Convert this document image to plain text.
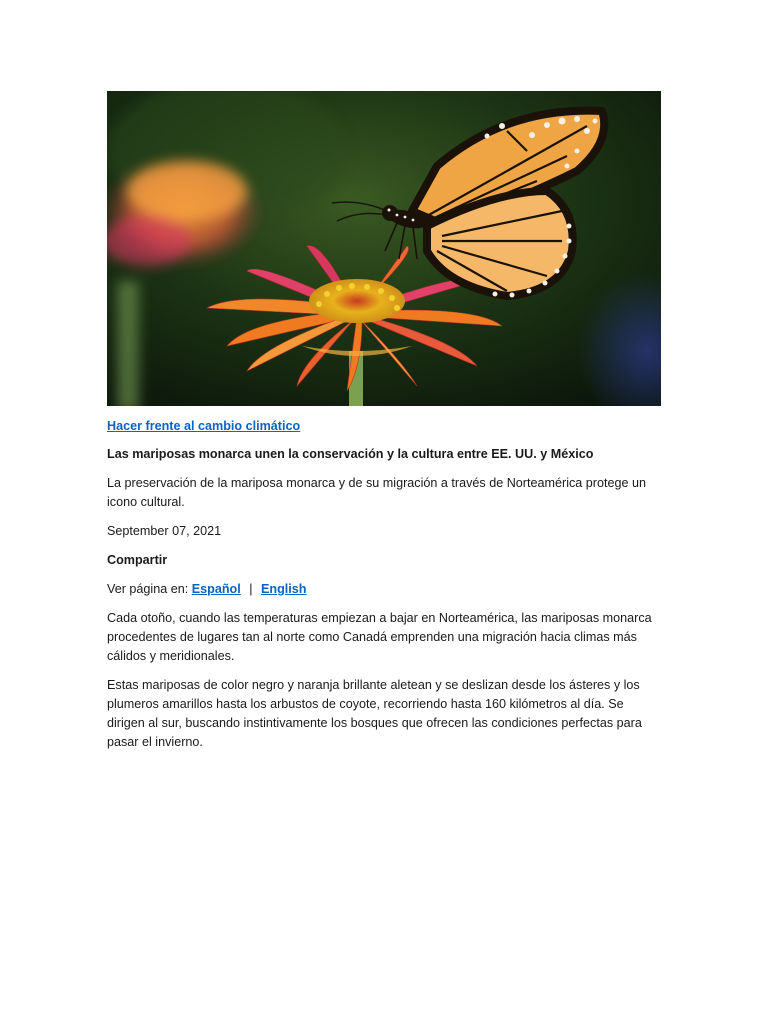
Hacer frente al cambio climático

Las mariposas monarca unen la conservación y la cultura entre EE. UU. y México

La preservación de la mariposa monarca y de su migración a través de Norteamérica protege un icono cultural.

September 07, 2021

Compartir

Ver página en: Español | English

Cada otoño, cuando las temperaturas empiezan a bajar en Norteamérica, las mariposas monarca procedentes de lugares tan al norte como Canadá emprenden una migración hacia climas más cálidos y meridionales.

Estas mariposas de color negro y naranja brillante aletean y se deslizan desde los ásteres y los plumeros amarillos hasta los arbustos de coyote, recorriendo hasta 160 kilómetros al día. Se dirigen al sur, buscando instintivamente los bosques que ofrecen las condiciones perfectas para pasar el invierno.
